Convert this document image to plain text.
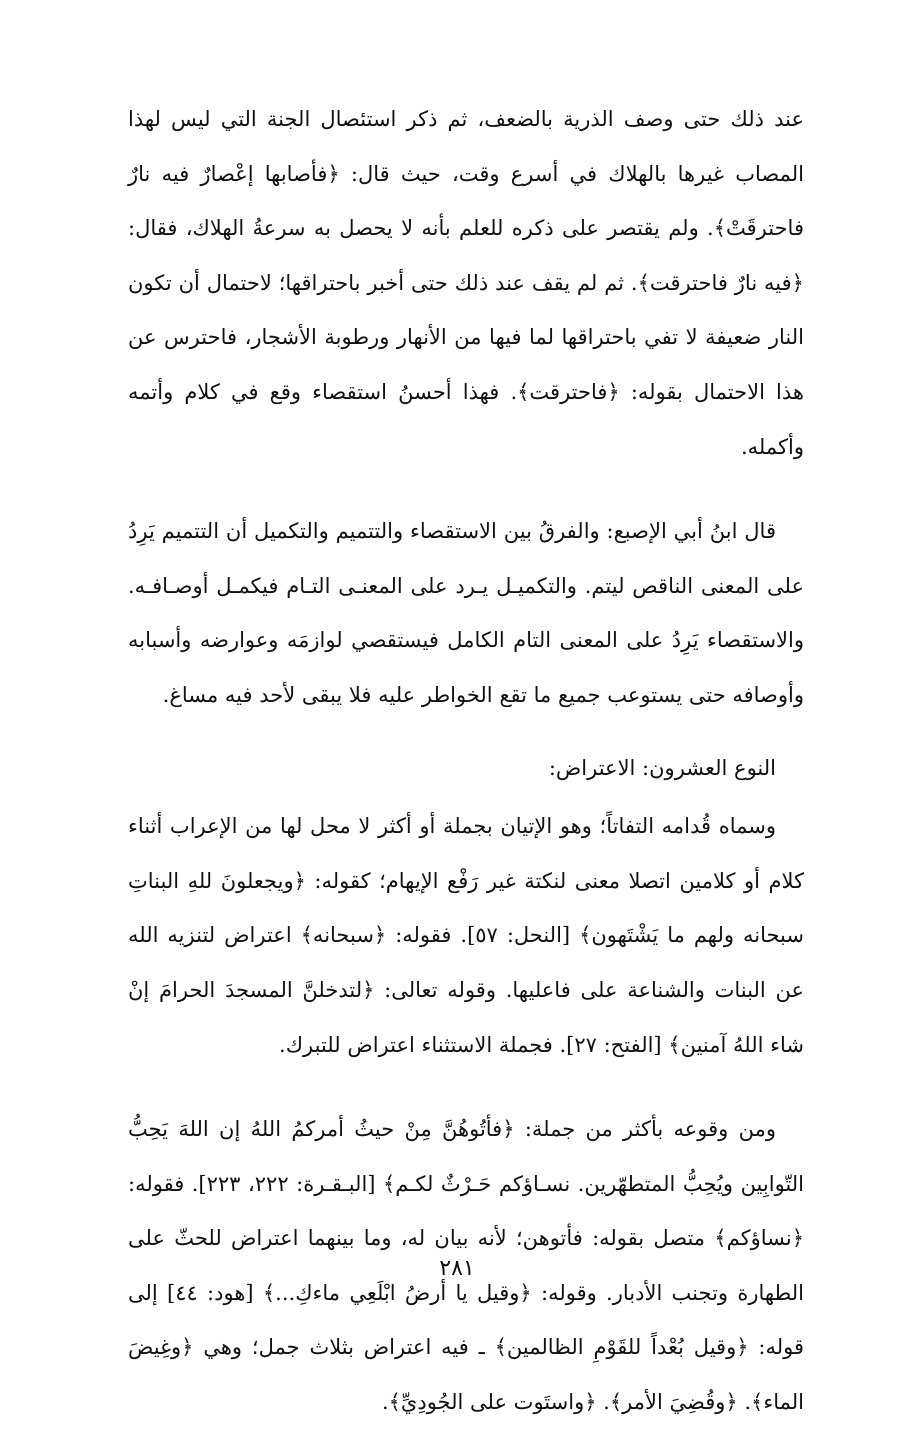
عند ذلك حتى وصف الذرية بالضعف، ثم ذكر استئصال الجنة التي ليس لهذا المصاب غيرها بالهلاك في أسرع وقت، حيث قال: ﴿فأصابها إعْصارٌ فيه نارٌ فاحترقَتْ﴾. ولم يقتصر على ذكره للعلم بأنه لا يحصل به سرعةُ الهلاك، فقال: ﴿فيه نارٌ فاحترقت﴾. ثم لم يقف عند ذلك حتى أخبر باحتراقها؛ لاحتمال أن تكون النار ضعيفة لا تفي باحتراقها لما فيها من الأنهار ورطوبة الأشجار، فاحترس عن هذا الاحتمال بقوله: ﴿فاحترقت﴾. فهذا أحسنُ استقصاء وقع في كلام وأتمه وأكمله.

قال ابنُ أبي الإصبع: والفرقُ بين الاستقصاء والتتميم والتكميل أن التتميم يَرِدُ على المعنى الناقص ليتم. والتكميـل يـرد على المعنـى التـام فيكمـل أوصـافـه. والاستقصاء يَرِدُ على المعنى التام الكامل فيستقصي لوازمَه وعوارضه وأسبابه وأوصافه حتى يستوعب جميع ما تقع الخواطر عليه فلا يبقى لأحد فيه مساغ.

النوع العشرون: الاعتراض:

وسماه قُدامه التفاتاً؛ وهو الإتيان بجملة أو أكثر لا محل لها من الإعراب أثناء كلام أو كلامين اتصلا معنى لنكتة غير رَفْع الإيهام؛ كقوله: ﴿ويجعلونَ للهِ البناتِ سبحانه ولهم ما يَشْتَهون﴾ [النحل: ٥٧]. فقوله: ﴿سبحانه﴾ اعتراض لتنزيه الله عن البنات والشناعة على فاعليها. وقوله تعالى: ﴿لتدخلنَّ المسجدَ الحرامَ إنْ شاء اللهُ آمنين﴾ [الفتح: ٢٧]. فجملة الاستثناء اعتراض للتبرك.

ومن وقوعه بأكثر من جملة: ﴿فأتُوهُنَّ مِنْ حيثُ أمركمُ اللهُ إن اللهَ يَحِبُّ التّوابِين ويُحِبُّ المتطهّرين. نسـاؤكم حَـرْثٌ لكـم﴾ [البـقـرة: ٢٢٢، ٢٢٣]. فقوله: ﴿نساؤكم﴾ متصل بقوله: فأتوهن؛ لأنه بيان له، وما بينهما اعتراض للحثّ على الطهارة وتجنب الأدبار. وقوله: ﴿وقيل يا أرضُ ابْلَعِي ماءكِ...﴾ [هود: ٤٤] إلى قوله: ﴿وقيل بُعْداً للقَوْمِ الظالمين﴾ ـ فيه اعتراض بثلاث جمل؛ وهي ﴿وغِيضَ الماء﴾. ﴿وقُضِيَ الأمر﴾. ﴿واستَوت على الجُودِيِّ﴾.

٢٨١
